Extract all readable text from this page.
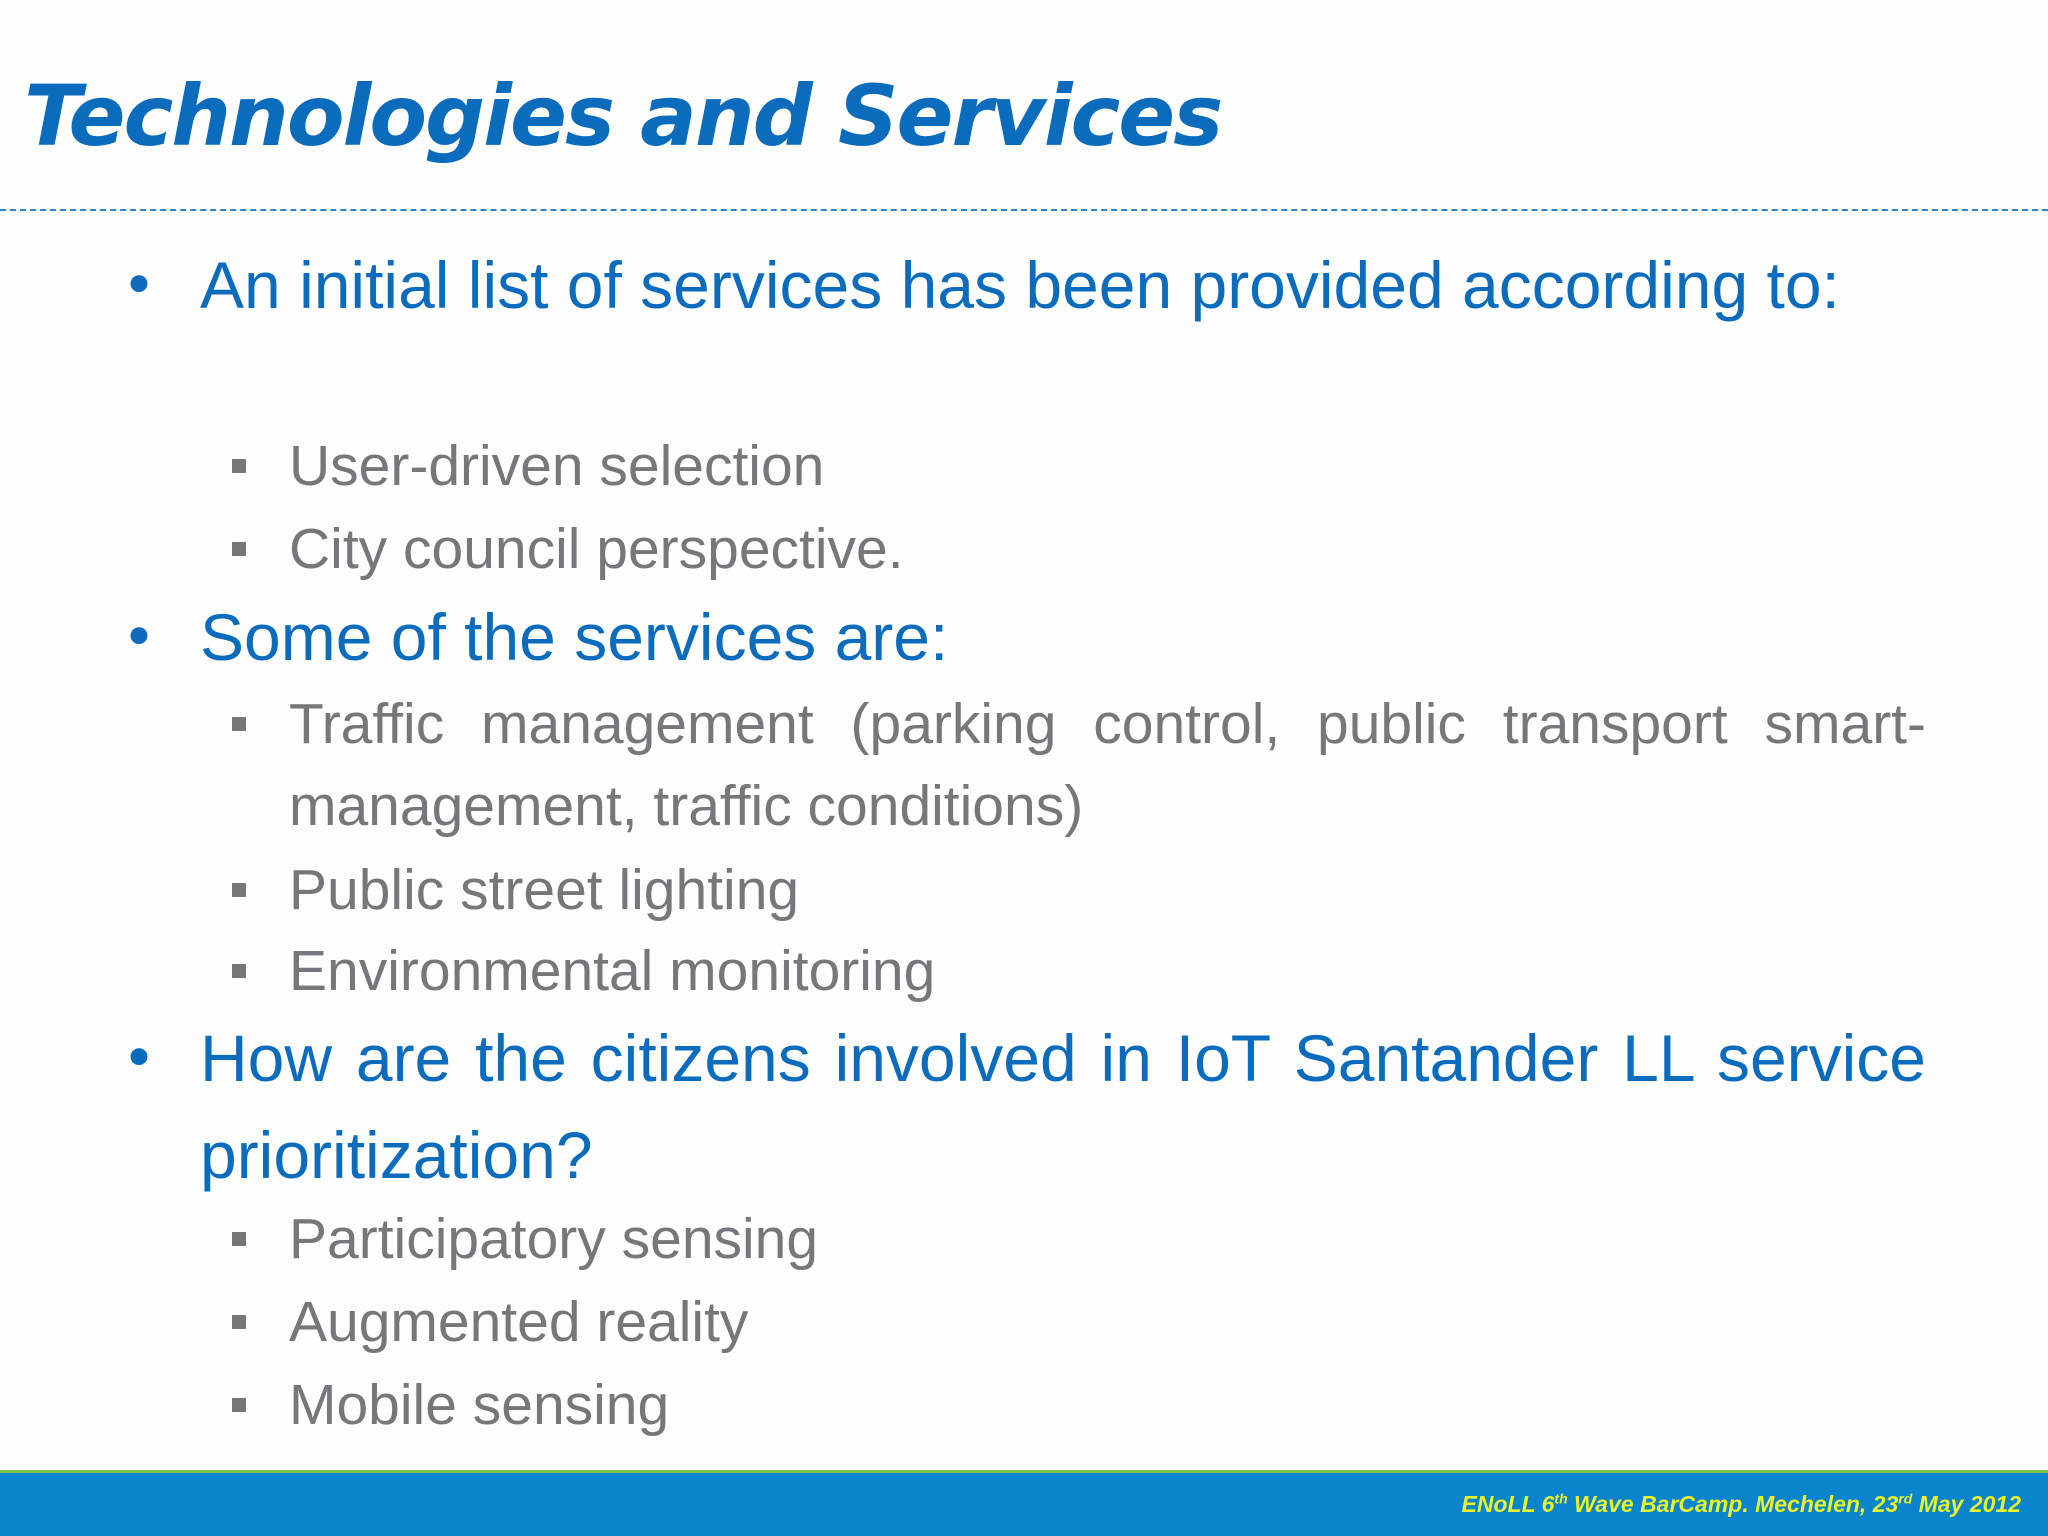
Technologies and Services
• An initial list of services has been provided according to:
User-driven selection
City council perspective.
• Some of the services are:
Traffic management (parking control, public transport smart-management, traffic conditions)
Public street lighting
Environmental monitoring
• How are the citizens involved in IoT Santander LL service prioritization?
Participatory sensing
Augmented reality
Mobile sensing
ENoLL 6th Wave BarCamp. Mechelen, 23rd May 2012
